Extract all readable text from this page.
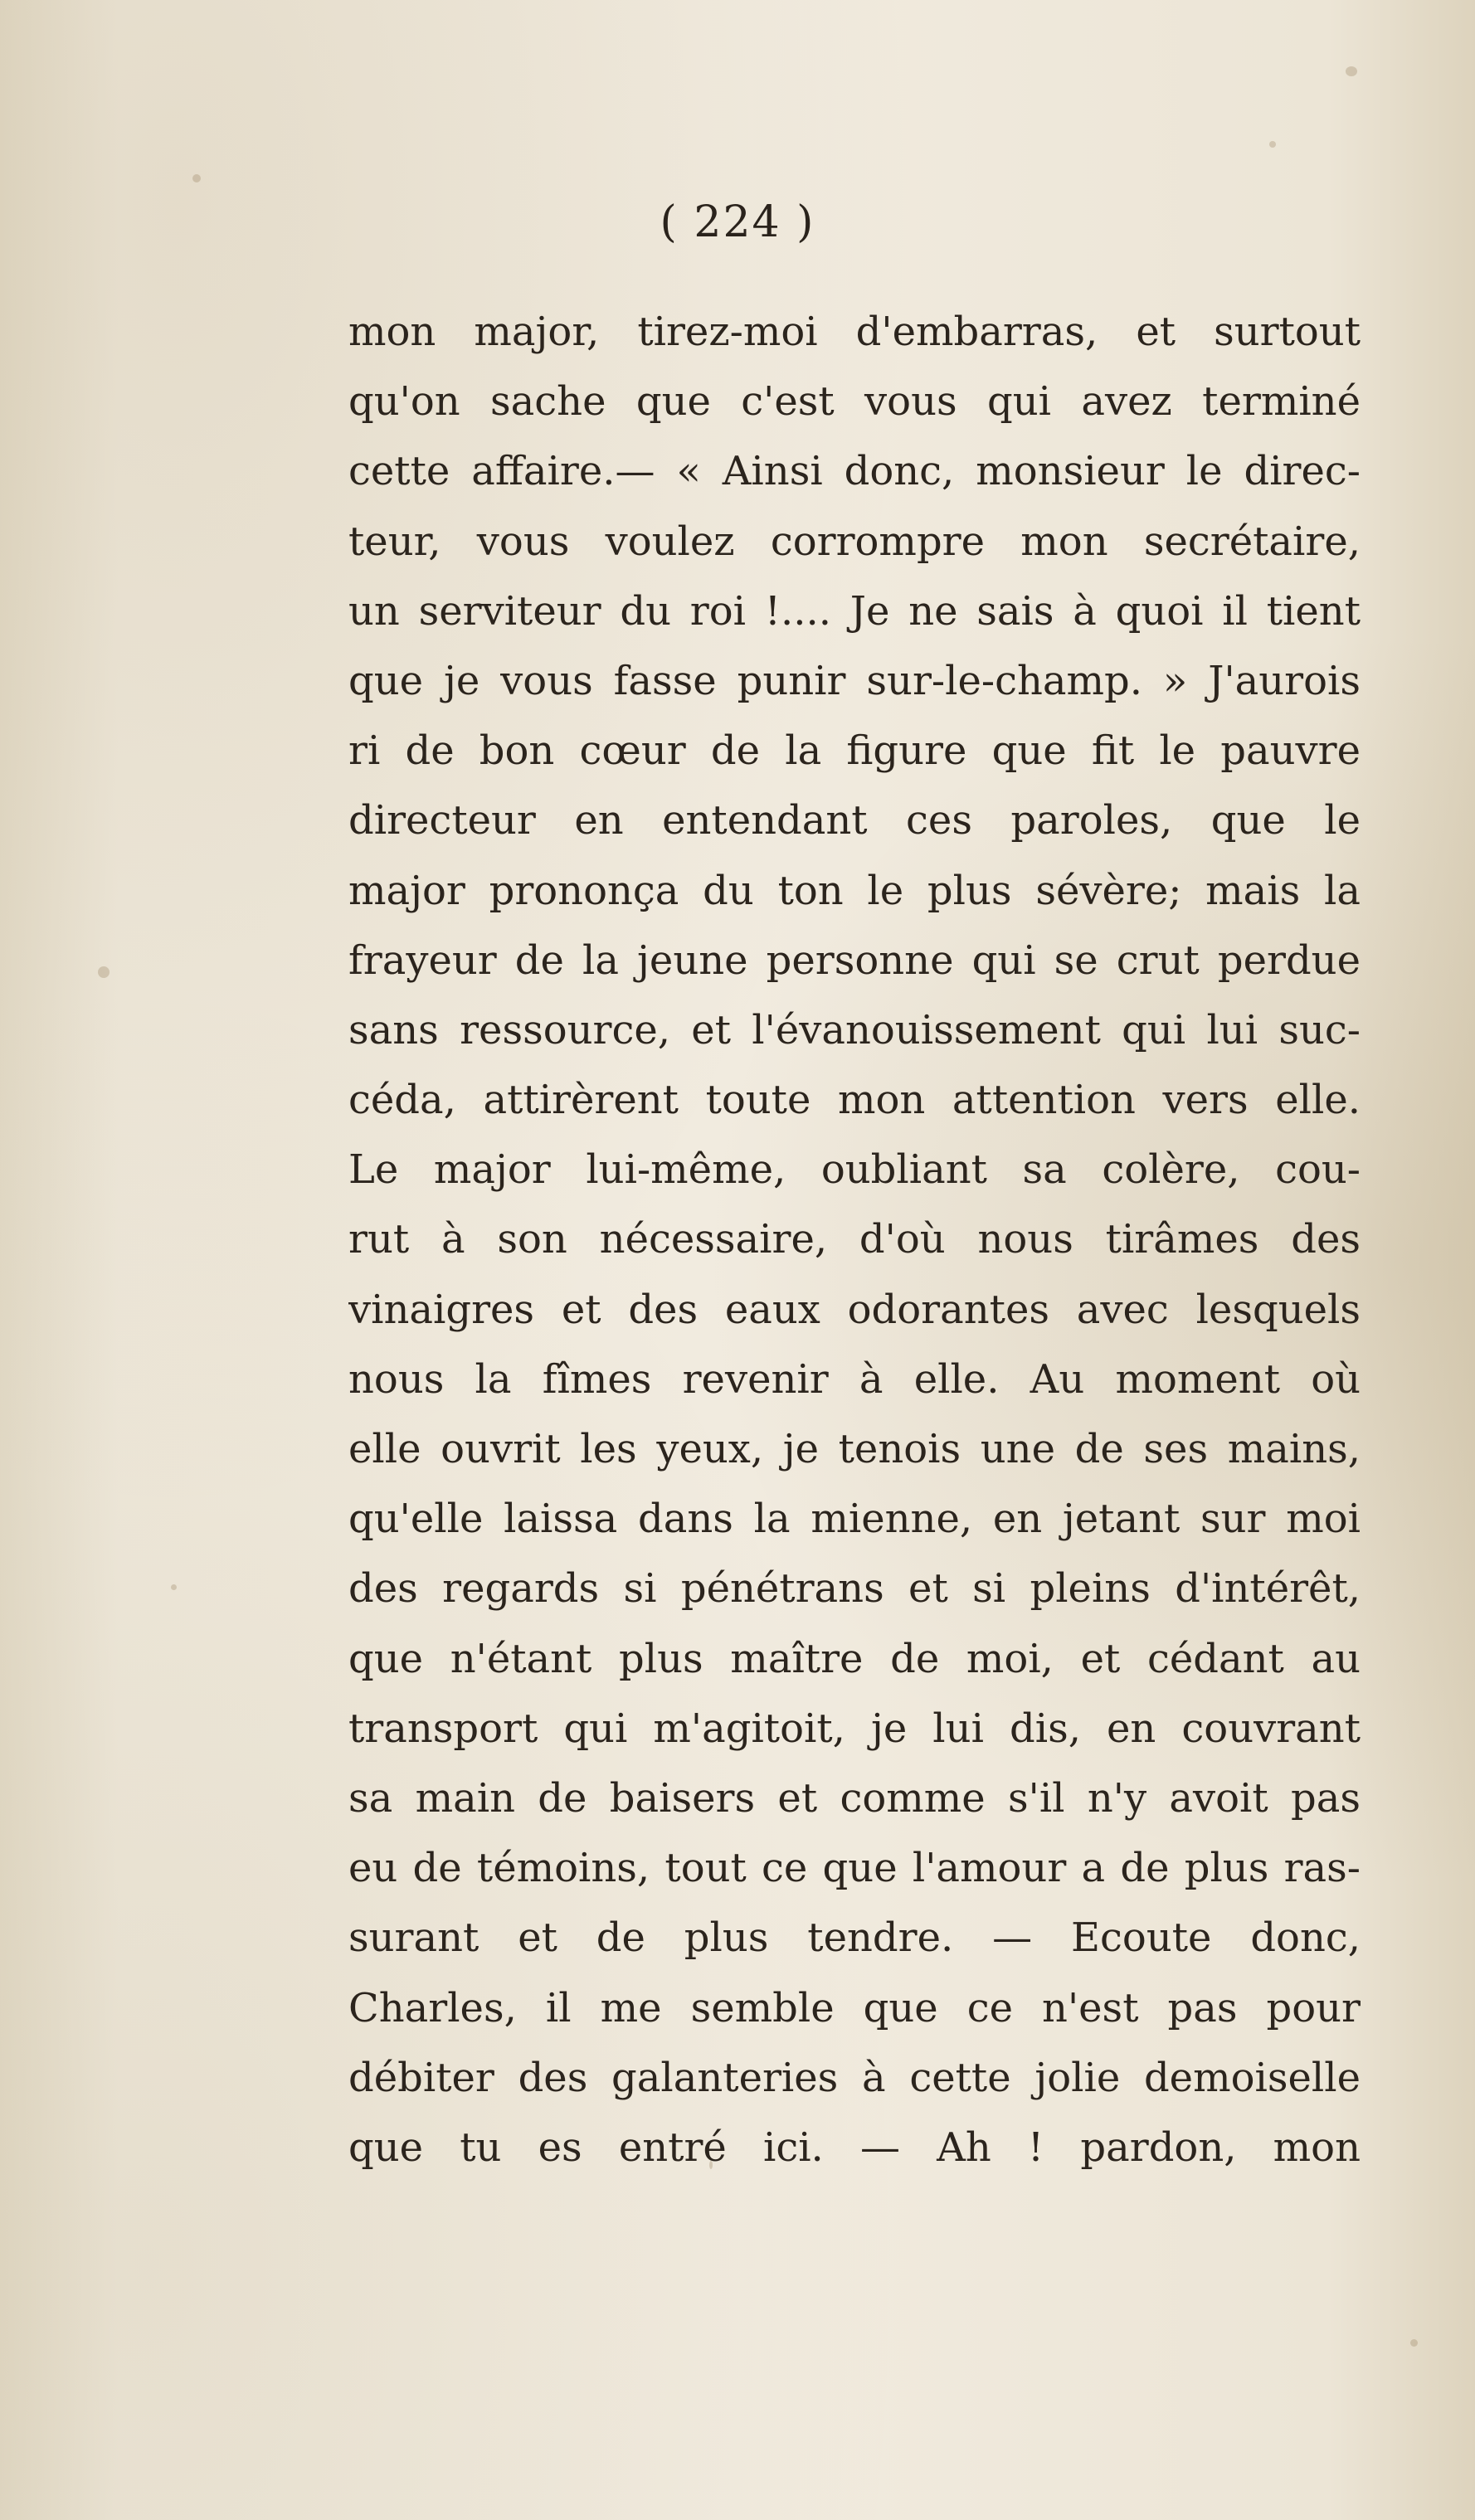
( 224 )
mon major, tirez-moi d'embarras, et surtout
qu'on sache que c'est vous qui avez terminé
cette affaire.— « Ainsi donc, monsieur le direc-
teur, vous voulez corrompre mon secrétaire,
un serviteur du roi !.... Je ne sais à quoi il tient
que je vous fasse punir sur-le-champ. » J'aurois
ri de bon cœur de la figure que fit le pauvre
directeur en entendant ces paroles, que le
major prononça du ton le plus sévère; mais la
frayeur de la jeune personne qui se crut perdue
sans ressource, et l'évanouissement qui lui suc-
céda, attirèrent toute mon attention vers elle.
Le major lui-même, oubliant sa colère, cou-
rut à son nécessaire, d'où nous tirâmes des
vinaigres et des eaux odorantes avec lesquels
nous la fîmes revenir à elle. Au moment où
elle ouvrit les yeux, je tenois une de ses mains,
qu'elle laissa dans la mienne, en jetant sur moi
des regards si pénétrans et si pleins d'intérêt,
que n'étant plus maître de moi, et cédant au
transport qui m'agitoit, je lui dis, en couvrant
sa main de baisers et comme s'il n'y avoit pas
eu de témoins, tout ce que l'amour a de plus ras-
surant et de plus tendre. — Ecoute donc,
Charles, il me semble que ce n'est pas pour
débiter des galanteries à cette jolie demoiselle
que tu es entré ici. — Ah ! pardon, mon
